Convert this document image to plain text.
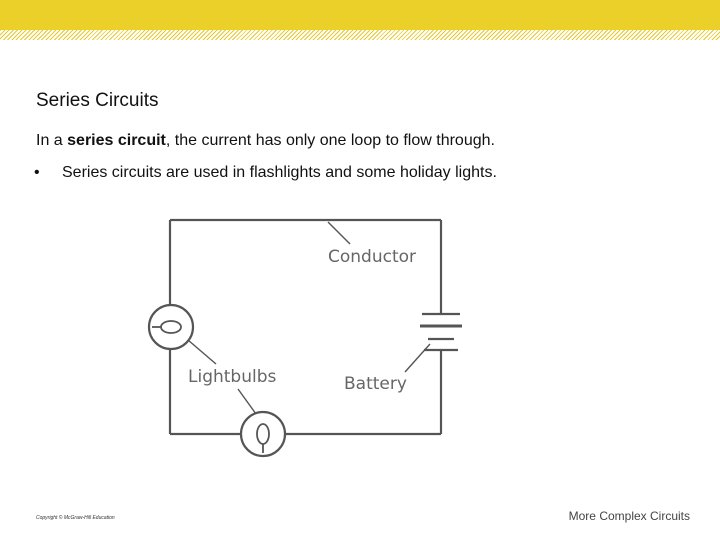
Series Circuits
In a series circuit, the current has only one loop to flow through.
• Series circuits are used in flashlights and some holiday lights.
Conductor
Battery
Lightbulbs
Copyright © McGraw-Hill Education	More Complex Circuits
